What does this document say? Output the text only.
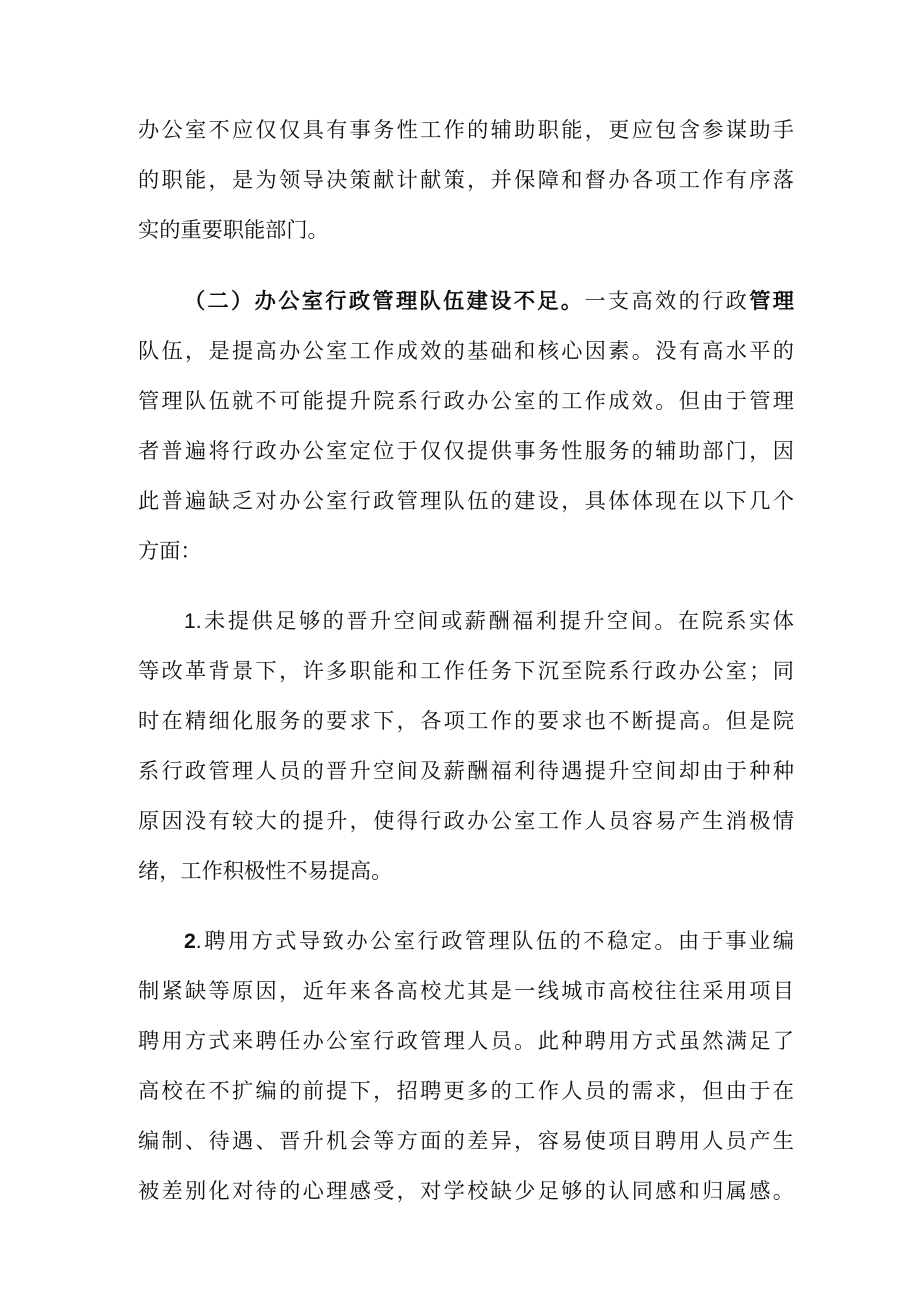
办公室不应仅仅具有事务性工作的辅助职能，更应包含参谋助手
的职能，是为领导决策献计献策，并保障和督办各项工作有序落
实的重要职能部门。
（二）办公室行政管理队伍建设不足。一支高效的行政管理
队伍，是提高办公室工作成效的基础和核心因素。没有高水平的
管理队伍就不可能提升院系行政办公室的工作成效。但由于管理
者普遍将行政办公室定位于仅仅提供事务性服务的辅助部门，因
此普遍缺乏对办公室行政管理队伍的建设，具体体现在以下几个
方面：
1.未提供足够的晋升空间或薪酬福利提升空间。在院系实体
等改革背景下，许多职能和工作任务下沉至院系行政办公室；同
时在精细化服务的要求下，各项工作的要求也不断提高。但是院
系行政管理人员的晋升空间及薪酬福利待遇提升空间却由于种种
原因没有较大的提升，使得行政办公室工作人员容易产生消极情
绪，工作积极性不易提高。
2.聘用方式导致办公室行政管理队伍的不稳定。由于事业编
制紧缺等原因，近年来各高校尤其是一线城市高校往往采用项目
聘用方式来聘任办公室行政管理人员。此种聘用方式虽然满足了
高校在不扩编的前提下，招聘更多的工作人员的需求，但由于在
编制、待遇、晋升机会等方面的差异，容易使项目聘用人员产生
被差别化对待的心理感受，对学校缺少足够的认同感和归属感。
